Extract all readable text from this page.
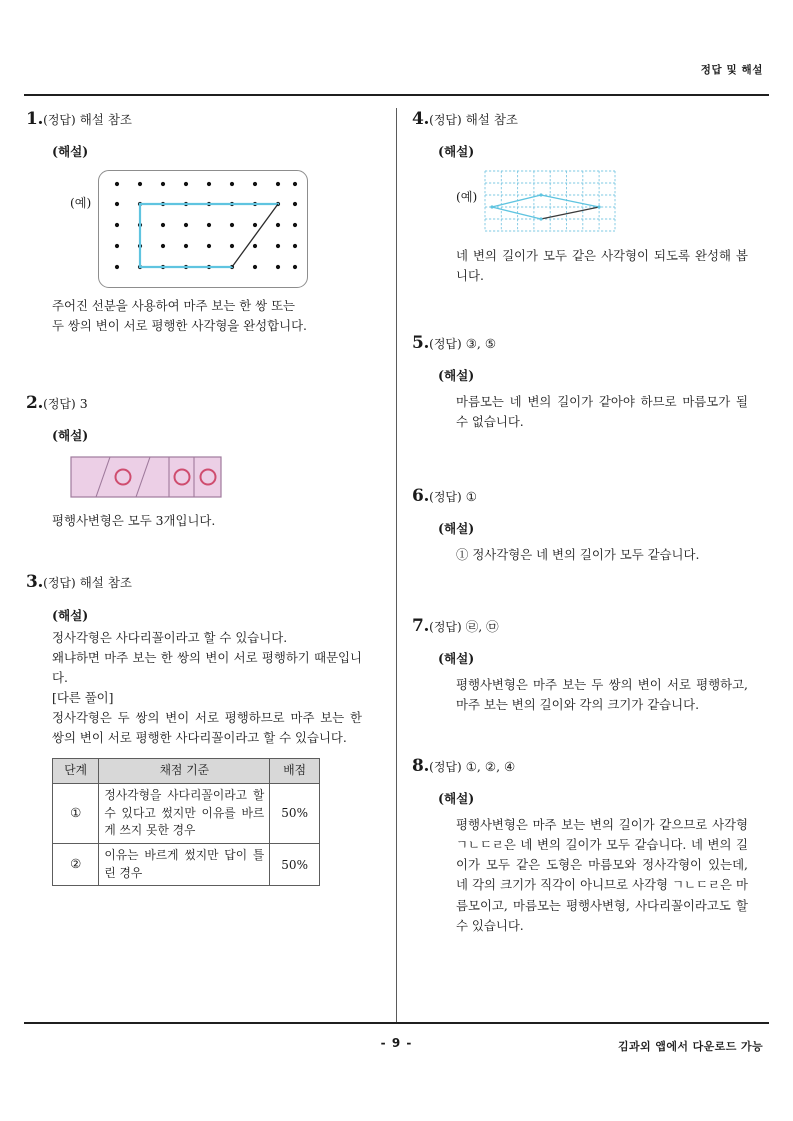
정답 및 해설
1.(정답) 해설 참조
(해설)
(예)

주어진 선분을 사용하여 마주 보는 한 쌍 또는

두 쌍의 변이 서로 평행한 사각형을 완성합니다.

2.(정답) 3
(해설)

평행사변형은 모두 3개입니다.

3.(정답) 해설 참조
(해설)

정사각형은 사다리꼴이라고 할 수 있습니다.

왜냐하면 마주 보는 한 쌍의 변이 서로 평행하기 때문입니다.

[다른 풀이]

정사각형은 두 쌍의 변이 서로 평행하므로 마주 보는 한 쌍의 변이 서로 평행한 사다리꼴이라고 할 수 있습니다.

단계	채점 기준	배점
①	정사각형을 사다리꼴이라고 할 수 있다고 썼지만 이유를 바르게 쓰지 못한 경우	50%
②	이유는 바르게 썼지만 답이 틀린 경우	50%
4.(정답) 해설 참조
(해설)
(예)

네 변의 길이가 모두 같은 사각형이 되도록 완성해 봅니다.

5.(정답) ③, ⑤
(해설)

마름모는 네 변의 길이가 같아야 하므로 마름모가 될 수 없습니다.

6.(정답) ①
(해설)

① 정사각형은 네 변의 길이가 모두 같습니다.

7.(정답) ㉣, ㉤
(해설)

평행사변형은 마주 보는 두 쌍의 변이 서로 평행하고, 마주 보는 변의 길이와 각의 크기가 같습니다.

8.(정답) ①, ②, ④
(해설)

평행사변형은 마주 보는 변의 길이가 같으므로 사각형 ㄱㄴㄷㄹ은 네 변의 길이가 모두 같습니다. 네 변의 길이가 모두 같은 도형은 마름모와 정사각형이 있는데, 네 각의 크기가 직각이 아니므로 사각형 ㄱㄴㄷㄹ은 마름모이고, 마름모는 평행사변형, 사다리꼴이라고도 할 수 있습니다.

- 9 -	김과외 앱에서 다운로드 가능
